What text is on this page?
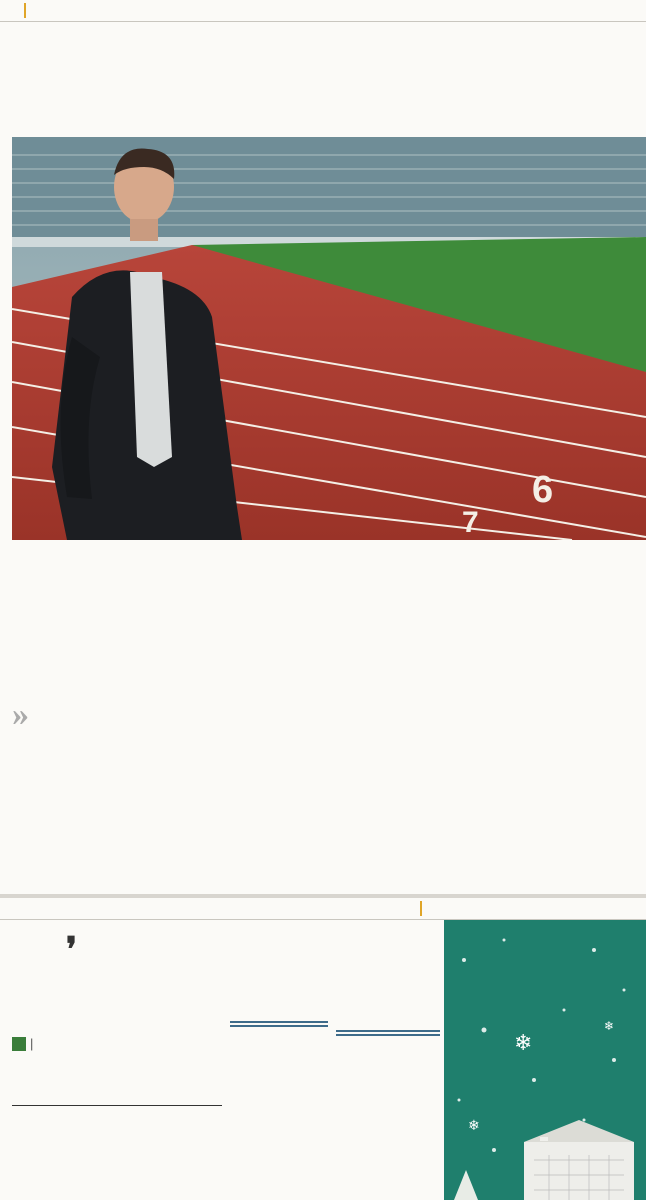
6
7
»

❜
|	❄
❄
❄
